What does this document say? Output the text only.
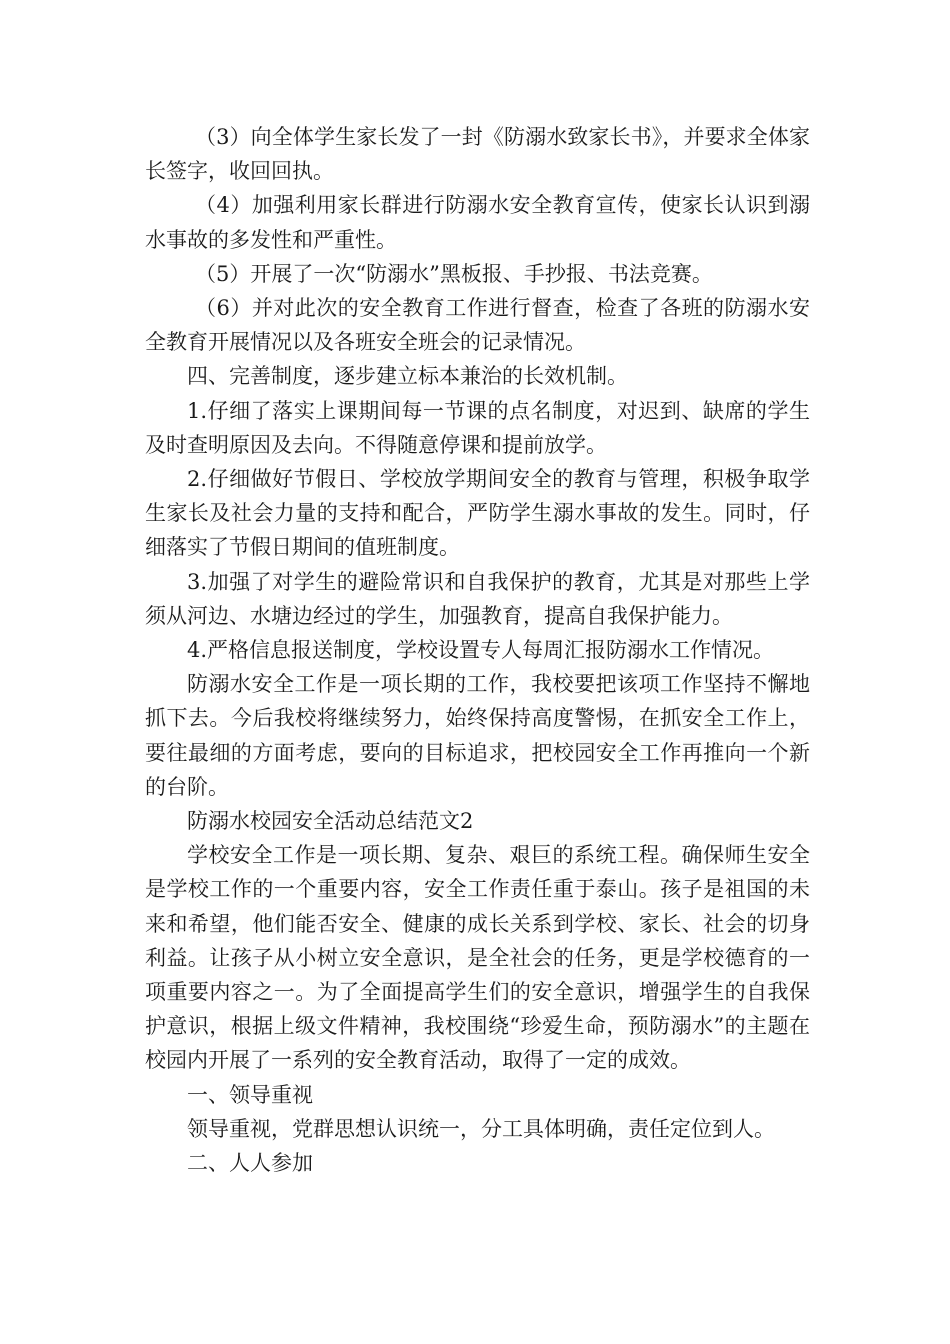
（3）向全体学生家长发了一封《防溺水致家长书》，并要求全体家长签字，收回回执。

（4）加强利用家长群进行防溺水安全教育宣传，使家长认识到溺水事故的多发性和严重性。

（5）开展了一次“防溺水”黑板报、手抄报、书法竞赛。

（6）并对此次的安全教育工作进行督查，检查了各班的防溺水安全教育开展情况以及各班安全班会的记录情况。

四、完善制度，逐步建立标本兼治的长效机制。

1.仔细了落实上课期间每一节课的点名制度，对迟到、缺席的学生及时查明原因及去向。不得随意停课和提前放学。

2.仔细做好节假日、学校放学期间安全的教育与管理，积极争取学生家长及社会力量的支持和配合，严防学生溺水事故的发生。同时，仔细落实了节假日期间的值班制度。

3.加强了对学生的避险常识和自我保护的教育，尤其是对那些上学须从河边、水塘边经过的学生，加强教育，提高自我保护能力。

4.严格信息报送制度，学校设置专人每周汇报防溺水工作情况。

防溺水安全工作是一项长期的工作，我校要把该项工作坚持不懈地抓下去。今后我校将继续努力，始终保持高度警惕，在抓安全工作上，要往最细的方面考虑，要向的目标追求，把校园安全工作再推向一个新的台阶。

防溺水校园安全活动总结范文2

学校安全工作是一项长期、复杂、艰巨的系统工程。确保师生安全是学校工作的一个重要内容，安全工作责任重于泰山。孩子是祖国的未来和希望，他们能否安全、健康的成长关系到学校、家长、社会的切身利益。让孩子从小树立安全意识，是全社会的任务，更是学校德育的一项重要内容之一。为了全面提高学生们的安全意识，增强学生的自我保护意识，根据上级文件精神，我校围绕“珍爱生命，预防溺水”的主题在校园内开展了一系列的安全教育活动，取得了一定的成效。

一、领导重视

领导重视，党群思想认识统一，分工具体明确，责任定位到人。

二、人人参加
